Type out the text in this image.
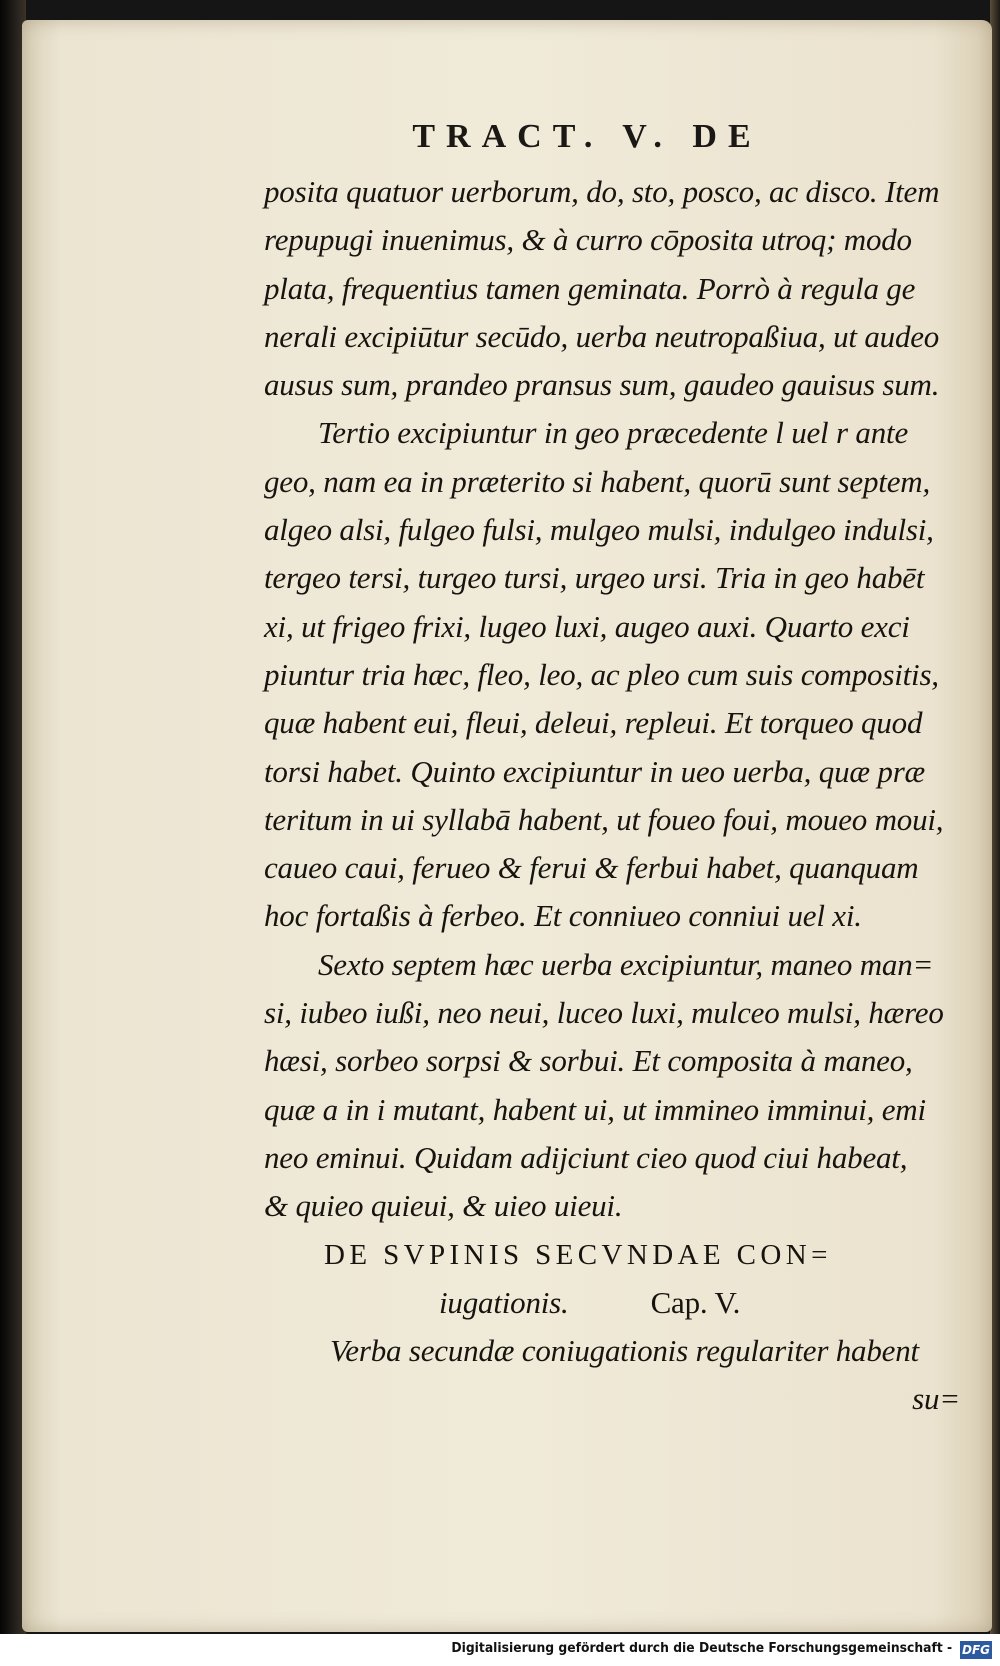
TRACT. V. DE
posita quatuor uerborum, do, sto, posco, ac disco. Item
repupugi inuenimus, & à curro cōposita utroq; modo
plata, frequentius tamen geminata. Porrò à regula ge
nerali excipiūtur secūdo, uerba neutropaßiua, ut audeo
ausus sum, prandeo pransus sum, gaudeo gauisus sum.
Tertio excipiuntur in geo præcedente l uel r ante
geo, nam ea in præterito si habent, quorū sunt septem,
algeo alsi, fulgeo fulsi, mulgeo mulsi, indulgeo indulsi,
tergeo tersi, turgeo tursi, urgeo ursi. Tria in geo habēt
xi, ut frigeo frixi, lugeo luxi, augeo auxi. Quarto exci
piuntur tria hæc, fleo, leo, ac pleo cum suis compositis,
quæ habent eui, fleui, deleui, repleui. Et torqueo quod
torsi habet. Quinto excipiuntur in ueo uerba, quæ præ
teritum in ui syllabā habent, ut foueo foui, moueo moui,
caueo caui, ferueo & ferui & ferbui habet, quanquam
hoc fortaßis à ferbeo. Et conniueo conniui uel xi.
Sexto septem hæc uerba excipiuntur, maneo man=
si, iubeo iußi, neo neui, luceo luxi, mulceo mulsi, hæreo
hæsi, sorbeo sorpsi & sorbui. Et composita à maneo,
quæ a in i mutant, habent ui, ut immineo imminui, emi
neo eminui. Quidam adijciunt cieo quod ciui habeat,
& quieo quieui, & uieo uieui.
DE SVPINIS SECVNDAE CON=
iugationis.	Cap. V.
Verba secundæ coniugationis regulariter habent
su=
Digitalisierung gefördert durch die Deutsche Forschungsgemeinschaft - DFG
